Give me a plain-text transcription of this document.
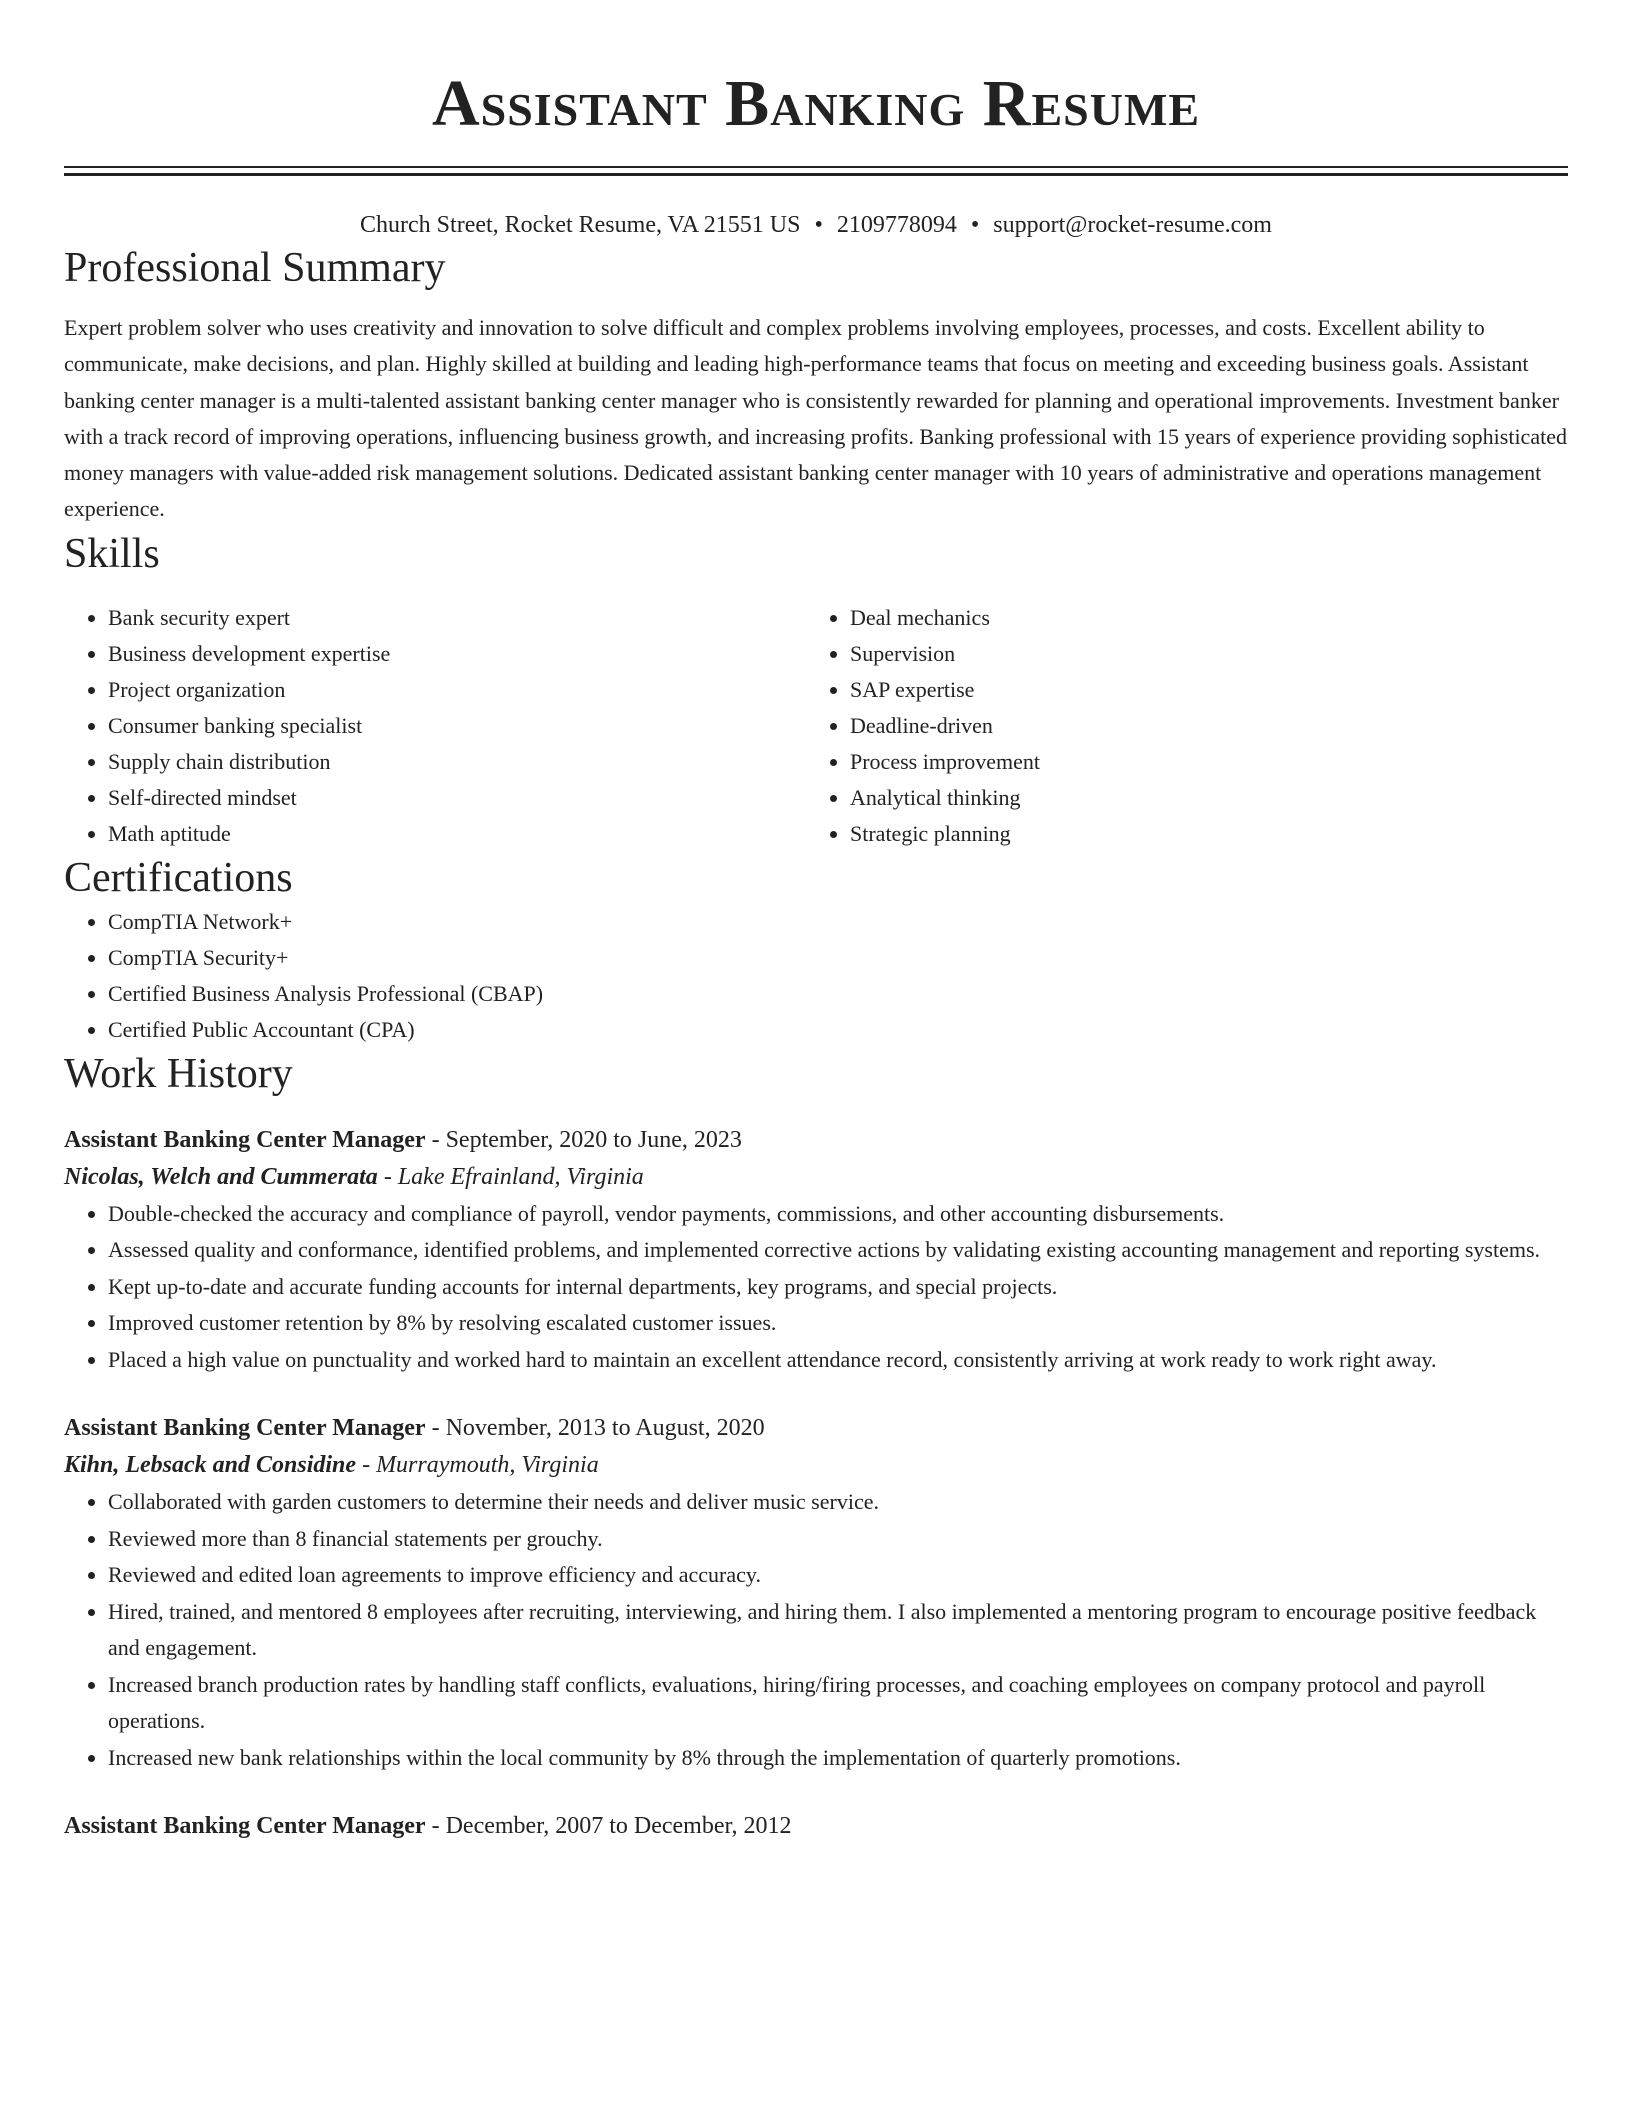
Assistant Banking Resume
Church Street, Rocket Resume, VA 21551 US • 2109778094 • support@rocket-resume.com
Professional Summary
Expert problem solver who uses creativity and innovation to solve difficult and complex problems involving employees, processes, and costs. Excellent ability to communicate, make decisions, and plan. Highly skilled at building and leading high-performance teams that focus on meeting and exceeding business goals. Assistant banking center manager is a multi-talented assistant banking center manager who is consistently rewarded for planning and operational improvements. Investment banker with a track record of improving operations, influencing business growth, and increasing profits. Banking professional with 15 years of experience providing sophisticated money managers with value-added risk management solutions. Dedicated assistant banking center manager with 10 years of administrative and operations management experience.
Skills
• Bank security expert
• Business development expertise
• Project organization
• Consumer banking specialist
• Supply chain distribution
• Self-directed mindset
• Math aptitude
• Deal mechanics
• Supervision
• SAP expertise
• Deadline-driven
• Process improvement
• Analytical thinking
• Strategic planning
Certifications
• CompTIA Network+
• CompTIA Security+
• Certified Business Analysis Professional (CBAP)
• Certified Public Accountant (CPA)
Work History
Assistant Banking Center Manager - September, 2020 to June, 2023
Nicolas, Welch and Cummerata - Lake Efrainland, Virginia
• Double-checked the accuracy and compliance of payroll, vendor payments, commissions, and other accounting disbursements.
• Assessed quality and conformance, identified problems, and implemented corrective actions by validating existing accounting management and reporting systems.
• Kept up-to-date and accurate funding accounts for internal departments, key programs, and special projects.
• Improved customer retention by 8% by resolving escalated customer issues.
• Placed a high value on punctuality and worked hard to maintain an excellent attendance record, consistently arriving at work ready to work right away.
Assistant Banking Center Manager - November, 2013 to August, 2020
Kihn, Lebsack and Considine - Murraymouth, Virginia
• Collaborated with garden customers to determine their needs and deliver music service.
• Reviewed more than 8 financial statements per grouchy.
• Reviewed and edited loan agreements to improve efficiency and accuracy.
• Hired, trained, and mentored 8 employees after recruiting, interviewing, and hiring them. I also implemented a mentoring program to encourage positive feedback and engagement.
• Increased branch production rates by handling staff conflicts, evaluations, hiring/firing processes, and coaching employees on company protocol and payroll operations.
• Increased new bank relationships within the local community by 8% through the implementation of quarterly promotions.
Assistant Banking Center Manager - December, 2007 to December, 2012
